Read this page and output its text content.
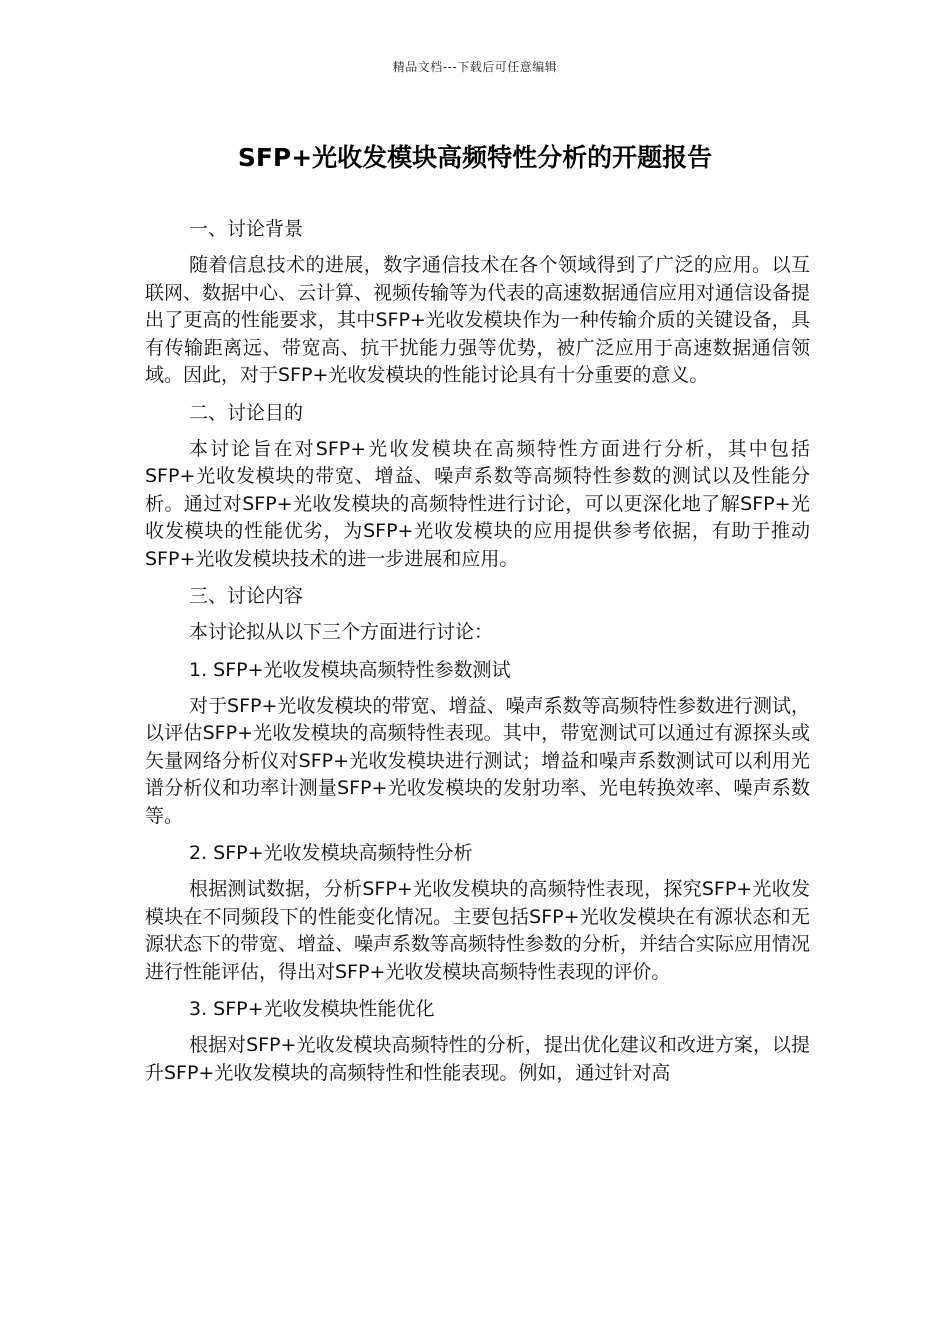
精品文档---下载后可任意编辑
SFP+光收发模块高频特性分析的开题报告

一、讨论背景

随着信息技术的进展，数字通信技术在各个领域得到了广泛的应用。以互联网、数据中心、云计算、视频传输等为代表的高速数据通信应用对通信设备提出了更高的性能要求，其中SFP+光收发模块作为一种传输介质的关键设备，具有传输距离远、带宽高、抗干扰能力强等优势，被广泛应用于高速数据通信领域。因此，对于SFP+光收发模块的性能讨论具有十分重要的意义。

二、讨论目的

本讨论旨在对SFP+光收发模块在高频特性方面进行分析，其中包括SFP+光收发模块的带宽、增益、噪声系数等高频特性参数的测试以及性能分析。通过对SFP+光收发模块的高频特性进行讨论，可以更深化地了解SFP+光收发模块的性能优劣，为SFP+光收发模块的应用提供参考依据，有助于推动SFP+光收发模块技术的进一步进展和应用。

三、讨论内容

本讨论拟从以下三个方面进行讨论：

1. SFP+光收发模块高频特性参数测试

对于SFP+光收发模块的带宽、增益、噪声系数等高频特性参数进行测试，以评估SFP+光收发模块的高频特性表现。其中，带宽测试可以通过有源探头或矢量网络分析仪对SFP+光收发模块进行测试；增益和噪声系数测试可以利用光谱分析仪和功率计测量SFP+光收发模块的发射功率、光电转换效率、噪声系数等。

2. SFP+光收发模块高频特性分析

根据测试数据，分析SFP+光收发模块的高频特性表现，探究SFP+光收发模块在不同频段下的性能变化情况。主要包括SFP+光收发模块在有源状态和无源状态下的带宽、增益、噪声系数等高频特性参数的分析，并结合实际应用情况进行性能评估，得出对SFP+光收发模块高频特性表现的评价。

3. SFP+光收发模块性能优化

根据对SFP+光收发模块高频特性的分析，提出优化建议和改进方案，以提升SFP+光收发模块的高频特性和性能表现。例如，通过针对高
